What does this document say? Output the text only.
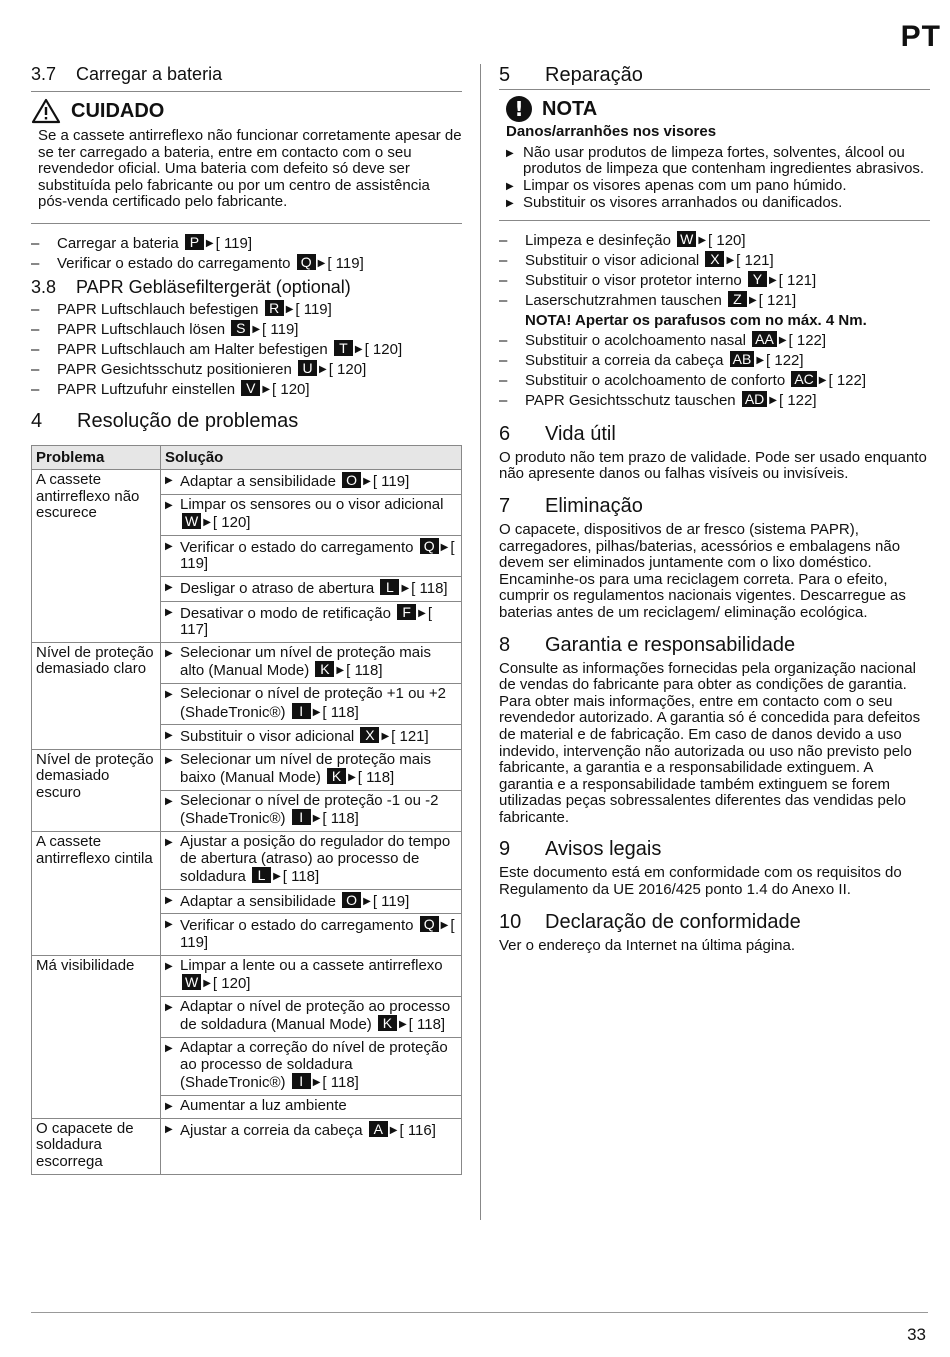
PT
3.7	Carregar a bateria
CUIDADO

Se a cassete antirreflexo não funcionar corretamente apesar de se ter carregado a bateria, entre em contacto com o seu revendedor oficial. Uma bateria com defeito só deve ser substituída pelo fabricante ou por um centro de assistência pós-venda certificado pelo fabricante.

–	Carregar a bateria P ▶ [ 119]
–	Verificar o estado do carregamento Q ▶ [ 119]
3.8	PAPR Gebläsefiltergerät (optional)
–	PAPR Luftschlauch befestigen R ▶ [ 119]
–	PAPR Luftschlauch lösen S ▶ [ 119]
–	PAPR Luftschlauch am Halter befestigen T ▶ [ 120]
–	PAPR Gesichtsschutz positionieren U ▶ [ 120]
–	PAPR Luftzufuhr einstellen V ▶ [ 120]
4	Resolução de problemas
Problema	Solução
A cassete antirreflexo não escurece	▶ Adaptar a sensibilidade O ▶ [ 119]

	▶ Limpar os sensores ou o visor adicional W ▶ [ 120]

	▶ Verificar o estado do carregamento Q ▶ [ 119]

	▶ Desligar o atraso de abertura L ▶ [ 118]

	▶ Desativar o modo de retificação F ▶ [ 117]

Nível de proteção demasiado claro	▶ Selecionar um nível de proteção mais alto (Manual Mode) K ▶ [ 118]

	▶ Selecionar o nível de proteção +1 ou +2 (ShadeTronic®) I ▶ [ 118]

	▶ Substituir o visor adicional X ▶ [ 121]

Nível de proteção demasiado escuro	▶ Selecionar um nível de proteção mais baixo (Manual Mode) K ▶ [ 118]

	▶ Selecionar o nível de proteção -1 ou -2 (ShadeTronic®) I ▶ [ 118]

A cassete antirreflexo cintila	▶ Ajustar a posição do regulador do tempo de abertura (atraso) ao processo de soldadura L ▶ [ 118]

	▶ Adaptar a sensibilidade O ▶ [ 119]

	▶ Verificar o estado do carregamento Q ▶ [ 119]

Má visibilidade	▶ Limpar a lente ou a cassete antirreflexo W ▶ [ 120]

	▶ Adaptar o nível de proteção ao processo de soldadura (Manual Mode) K ▶ [ 118]

	▶ Adaptar a correção do nível de proteção ao processo de soldadura (ShadeTronic®) I ▶ [ 118]

	▶ Aumentar a luz ambiente

O capacete de soldadura escorrega	▶ Ajustar a correia da cabeça A ▶ [ 116]
5	Reparação
! NOTA

Danos/arranhões nos visores

▶ Não usar produtos de limpeza fortes, solventes, álcool ou produtos de limpeza que contenham ingredientes abrasivos.
▶ Limpar os visores apenas com um pano húmido.
▶ Substituir os visores arranhados ou danificados.
–	Limpeza e desinfeção W ▶ [ 120]
–	Substituir o visor adicional X ▶ [ 121]
–	Substituir o visor protetor interno Y ▶ [ 121]
–	Laserschutzrahmen tauschen Z ▶ [ 121]
NOTA! Apertar os parafusos com no máx. 4 Nm.
–	Substituir o acolchoamento nasal AA ▶ [ 122]
–	Substituir a correia da cabeça AB ▶ [ 122]
–	Substituir o acolchoamento de conforto AC ▶ [ 122]
–	PAPR Gesichtsschutz tauschen AD ▶ [ 122]
6	Vida útil

O produto não tem prazo de validade. Pode ser usado enquanto não apresente danos ou falhas visíveis ou invisíveis.

7	Eliminação

O capacete, dispositivos de ar fresco (sistema PAPR), carregadores, pilhas/baterias, acessórios e embalagens não devem ser eliminados juntamente com o lixo doméstico. Encaminhe-os para uma reciclagem correta. Para o efeito, cumprir os regulamentos nacionais vigentes. Descarregue as baterias antes de um reciclagem/ eliminação ecológica.

8	Garantia e responsabilidade

Consulte as informações fornecidas pela organização nacional de vendas do fabricante para obter as condições de garantia. Para obter mais informações, entre em contacto com o seu revendedor autorizado. A garantia só é concedida para defeitos de material e de fabricação. Em caso de danos devido a uso indevido, intervenção não autorizada ou uso não previsto pelo fabricante, a garantia e a responsabilidade extinguem. A garantia e a responsabilidade também extinguem se forem utilizadas peças sobressalentes diferentes das vendidas pelo fabricante.

9	Avisos legais

Este documento está em conformidade com os requisitos do Regulamento da UE 2016/425 ponto 1.4 do Anexo II.

10	Declaração de conformidade

Ver o endereço da Internet na última página.

33
